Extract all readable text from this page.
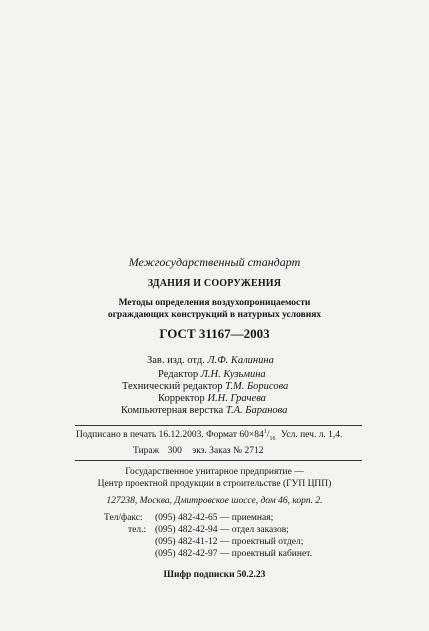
Межгосударственный стандарт
ЗДАНИЯ И СООРУЖЕНИЯ
Методы определения воздухопроницаемости
ограждающих конструкций в натурных условиях
ГОСТ 31167—2003
Зав. изд. отд. Л.Ф. Калинина
Редактор Л.Н. Кузьмина
Технический редактор Т.М. Борисова
Корректор И.Н. Грачева
Компьютерная верстка Т.А. Баранова
Подписано в печать 16.12.2003. Формат $60\times 84^1/_{16}$ Усл. печ. л. 1,4.
Тираж 300 экз. Заказ № 2712
Государственное унитарное предприятие —
Центр проектной продукции в строительстве (ГУП ЦПП)
127238, Москва, Дмитровское шоссе, дом 46, корп. 2.
Тел/факс: (095) 482-42-65 — приемная;
тел.: (095) 482-42-94 — отдел заказов;
(095) 482-41-12 — проектный отдел;
(095) 482-42-97 — проектный кабинет.
Шифр подписки 50.2.23
